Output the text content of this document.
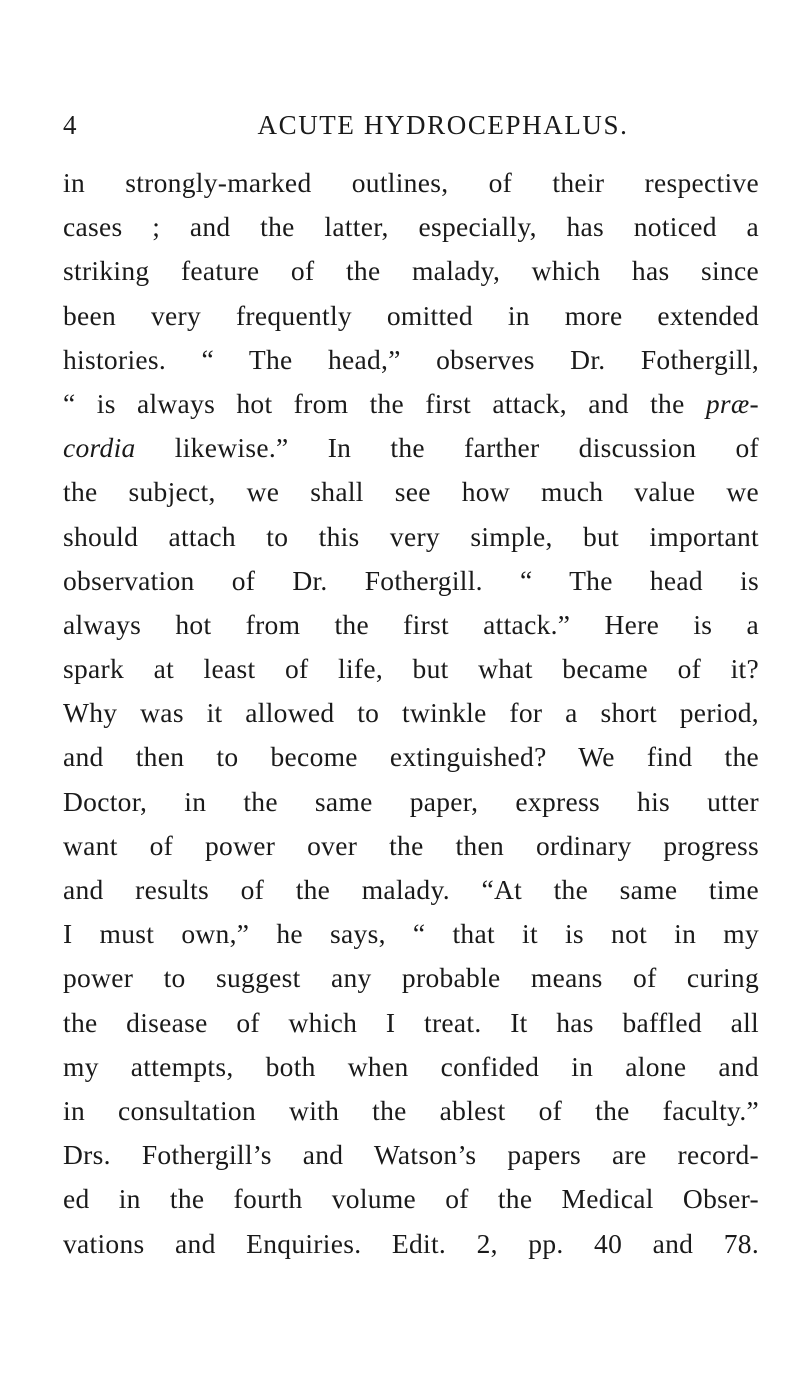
4	ACUTE HYDROCEPHALUS.
in strongly-marked outlines, of their respective
cases ; and the latter, especially, has noticed a
striking feature of the malady, which has since
been very frequently omitted in more extended
histories. “ The head,” observes Dr. Fothergill,
“ is always hot from the first attack, and the præ-
cordia likewise.” In the farther discussion of
the subject, we shall see how much value we
should attach to this very simple, but important
observation of Dr. Fothergill. “ The head is
always hot from the first attack.” Here is a
spark at least of life, but what became of it?
Why was it allowed to twinkle for a short period,
and then to become extinguished? We find the
Doctor, in the same paper, express his utter
want of power over the then ordinary progress
and results of the malady. “At the same time
I must own,” he says, “ that it is not in my
power to suggest any probable means of curing
the disease of which I treat. It has baffled all
my attempts, both when confided in alone and
in consultation with the ablest of the faculty.”
Drs. Fothergill’s and Watson’s papers are record-
ed in the fourth volume of the Medical Obser-
vations and Enquiries. Edit. 2, pp. 40 and 78.
